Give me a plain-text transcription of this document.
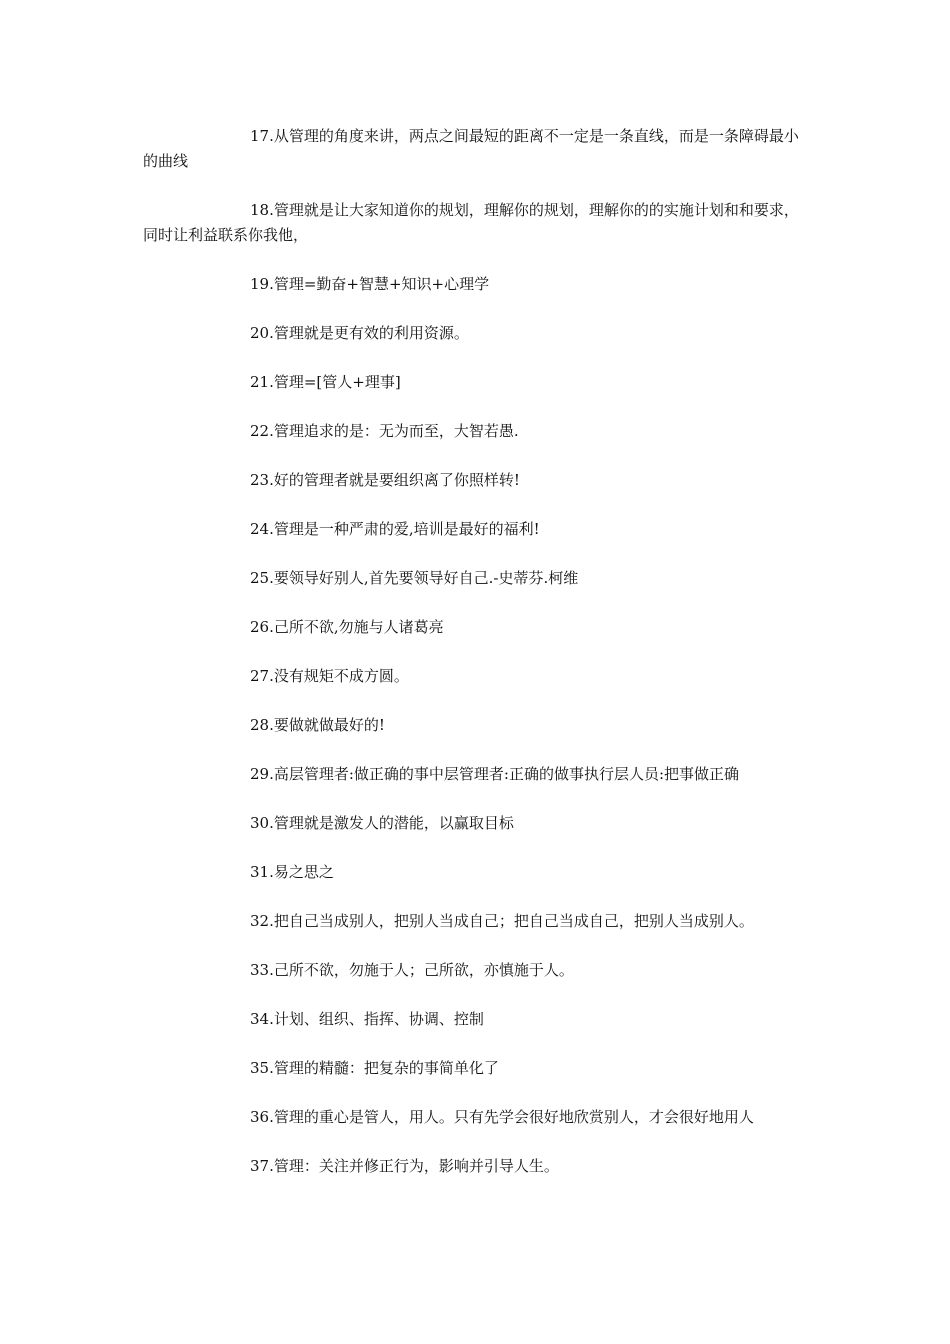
17.从管理的角度来讲，两点之间最短的距离不一定是一条直线，而是一条障碍最小的曲线

18.管理就是让大家知道你的规划，理解你的规划，理解你的的实施计划和和要求，同时让利益联系你我他，

19.管理=勤奋+智慧+知识+心理学

20.管理就是更有效的利用资源。

21.管理=[管人+理事]

22.管理追求的是：无为而至，大智若愚.

23.好的管理者就是要组织离了你照样转!

24.管理是一种严肃的爱,培训是最好的福利!

25.要领导好别人,首先要领导好自己.-史蒂芬.柯维

26.己所不欲,勿施与人诸葛亮

27.没有规矩不成方圆。

28.要做就做最好的!

29.高层管理者:做正确的事中层管理者:正确的做事执行层人员:把事做正确

30.管理就是激发人的潜能，以赢取目标

31.易之思之

32.把自己当成别人，把别人当成自己；把自己当成自己，把别人当成别人。

33.己所不欲，勿施于人；己所欲，亦慎施于人。

34.计划、组织、指挥、协调、控制

35.管理的精髓：把复杂的事简单化了

36.管理的重心是管人，用人。只有先学会很好地欣赏别人，才会很好地用人

37.管理：关注并修正行为，影响并引导人生。
